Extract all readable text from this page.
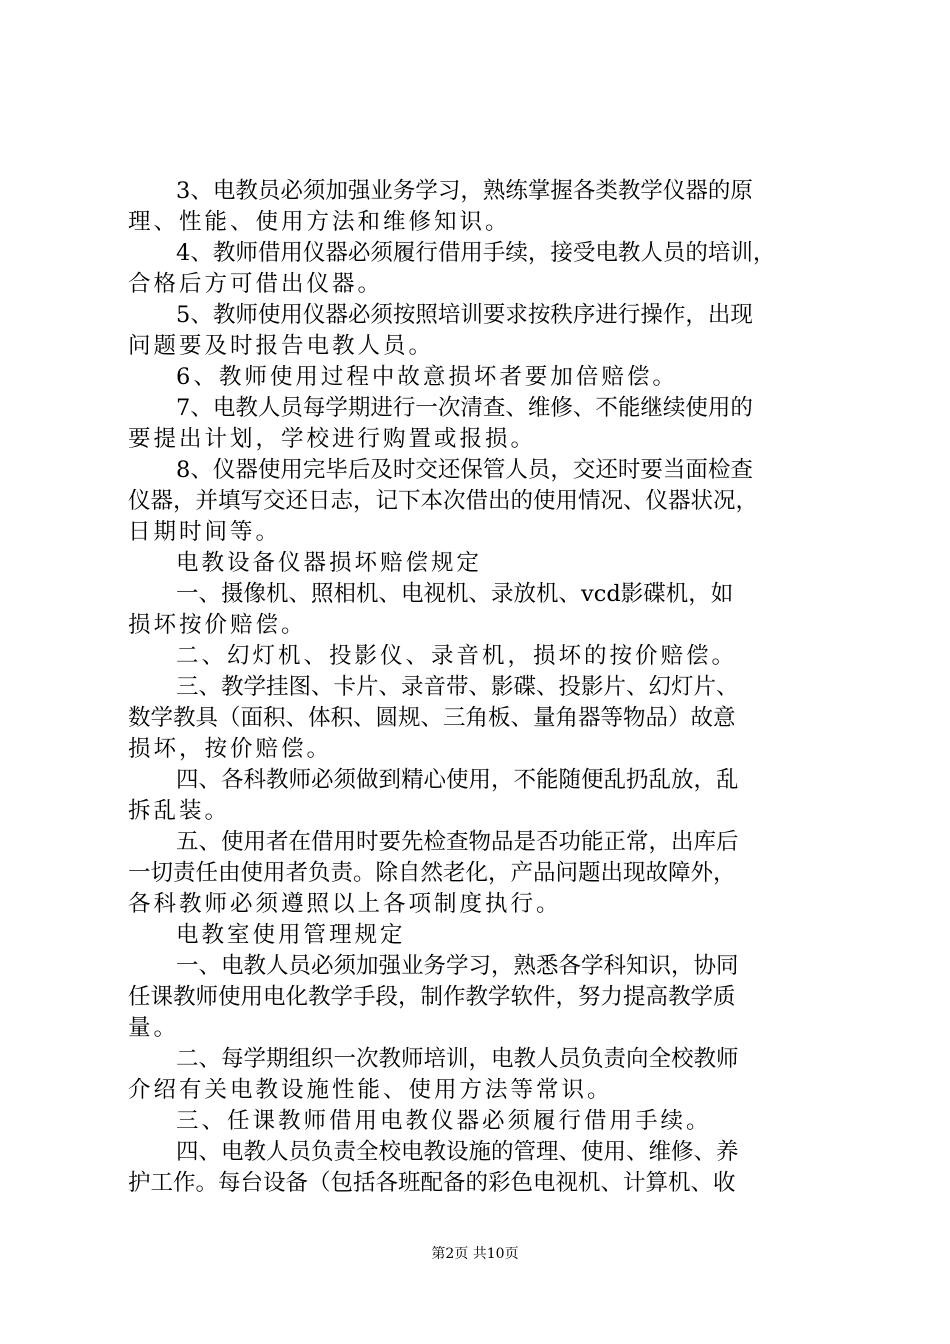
3、电教员必须加强业务学习，熟练掌握各类教学仪器的原

理、性能、使用方法和维修知识。

4、教师借用仪器必须履行借用手续，接受电教人员的培训，

合格后方可借出仪器。

5、教师使用仪器必须按照培训要求按秩序进行操作，出现

问题要及时报告电教人员。

6、教师使用过程中故意损坏者要加倍赔偿。

7、电教人员每学期进行一次清查、维修、不能继续使用的

要提出计划，学校进行购置或报损。

8、仪器使用完毕后及时交还保管人员，交还时要当面检查

仪器，并填写交还日志，记下本次借出的使用情况、仪器状况，

日期时间等。

电教设备仪器损坏赔偿规定

一、摄像机、照相机、电视机、录放机、vcd影碟机，如

损坏按价赔偿。

二、幻灯机、投影仪、录音机，损坏的按价赔偿。

三、教学挂图、卡片、录音带、影碟、投影片、幻灯片、

数学教具（面积、体积、圆规、三角板、量角器等物品）故意

损坏，按价赔偿。

四、各科教师必须做到精心使用，不能随便乱扔乱放，乱

拆乱装。

五、使用者在借用时要先检查物品是否功能正常，出库后

一切责任由使用者负责。除自然老化，产品问题出现故障外，

各科教师必须遵照以上各项制度执行。

电教室使用管理规定

一、电教人员必须加强业务学习，熟悉各学科知识，协同

任课教师使用电化教学手段，制作教学软件，努力提高教学质

量。

二、每学期组织一次教师培训，电教人员负责向全校教师

介绍有关电教设施性能、使用方法等常识。

三、任课教师借用电教仪器必须履行借用手续。

四、电教人员负责全校电教设施的管理、使用、维修、养

护工作。每台设备（包括各班配备的彩色电视机、计算机、收

第2页 共10页
